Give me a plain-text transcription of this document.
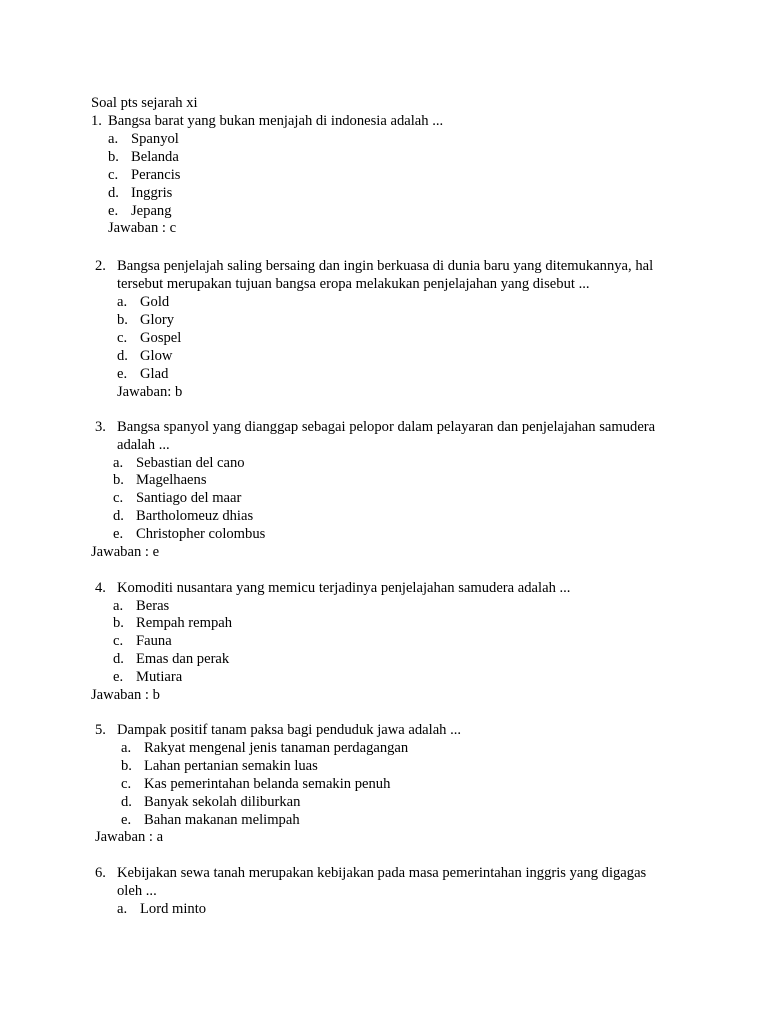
Soal pts sejarah xi
1. Bangsa barat yang bukan menjajah di indonesia adalah ...
a. Spanyol
b. Belanda
c. Perancis
d. Inggris
e. Jepang
Jawaban : c
2. Bangsa penjelajah saling bersaing dan ingin berkuasa di dunia baru yang ditemukannya, hal
tersebut merupakan tujuan bangsa eropa melakukan penjelajahan yang disebut ...
a. Gold
b. Glory
c. Gospel
d. Glow
e. Glad
Jawaban: b
3. Bangsa spanyol yang dianggap sebagai pelopor dalam pelayaran dan penjelajahan samudera
adalah ...
a. Sebastian del cano
b. Magelhaens
c. Santiago del maar
d. Bartholomeuz dhias
e. Christopher colombus
Jawaban : e
4. Komoditi nusantara yang memicu terjadinya penjelajahan samudera adalah ...
a. Beras
b. Rempah rempah
c. Fauna
d. Emas dan perak
e. Mutiara
Jawaban : b
5. Dampak positif tanam paksa bagi penduduk jawa adalah ...
a. Rakyat mengenal jenis tanaman perdagangan
b. Lahan pertanian semakin luas
c. Kas pemerintahan belanda semakin penuh
d. Banyak sekolah diliburkan
e. Bahan makanan melimpah
Jawaban : a
6. Kebijakan sewa tanah merupakan kebijakan pada masa pemerintahan inggris yang digagas
oleh ...
a. Lord minto
